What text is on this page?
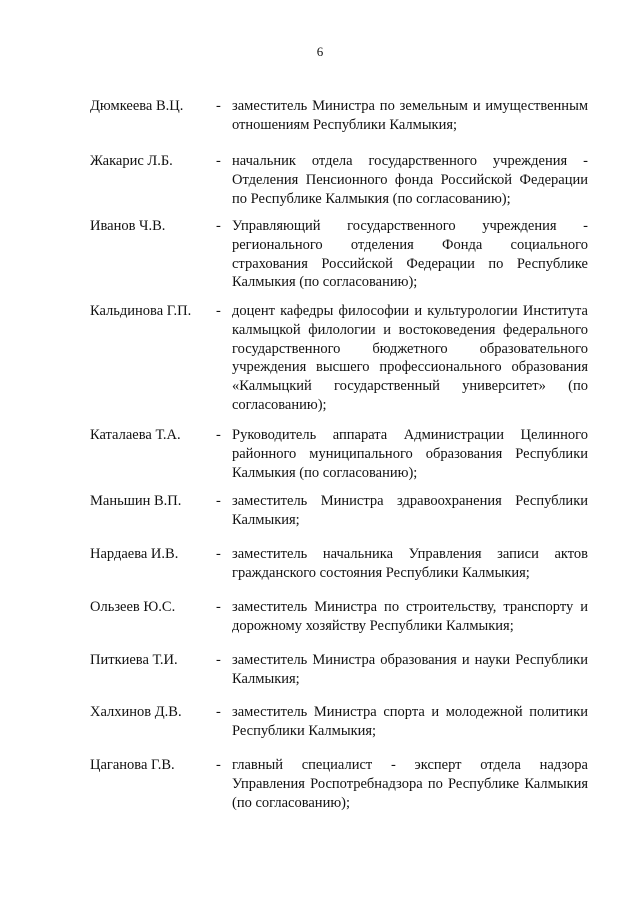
6
Дюмкеева В.Ц.	- заместитель Министра по земельным и имущественным отношениям Республики Калмыкия;
Жакарис Л.Б.	- начальник отдела государственного учреждения - Отделения Пенсионного фонда Российской Федерации по Республике Калмыкия (по согласованию);
Иванов Ч.В.	- Управляющий государственного учреждения - регионального отделения Фонда социального страхования Российской Федерации по Республике Калмыкия (по согласованию);
Кальдинова Г.П.	- доцент кафедры философии и культурологии Института калмыцкой филологии и востоковедения федерального государственного бюджетного образовательного учреждения высшего профессионального образования «Калмыцкий государственный университет» (по согласованию);
Каталаева Т.А.	- Руководитель аппарата Администрации Целинного районного муниципального образования Республики Калмыкия (по согласованию);
Маньшин В.П.	- заместитель Министра здравоохранения Республики Калмыкия;
Нардаева И.В.	- заместитель начальника Управления записи актов гражданского состояния Республики Калмыкия;
Ользеев Ю.С.	- заместитель Министра по строительству, транспорту и дорожному хозяйству Республики Калмыкия;
Питкиева Т.И.	- заместитель Министра образования и науки Республики Калмыкия;
Халхинов Д.В.	- заместитель Министра спорта и молодежной политики Республики Калмыкия;
Цаганова Г.В.	- главный специалист - эксперт отдела надзора Управления Роспотребнадзора по Республике Калмыкия (по согласованию);
